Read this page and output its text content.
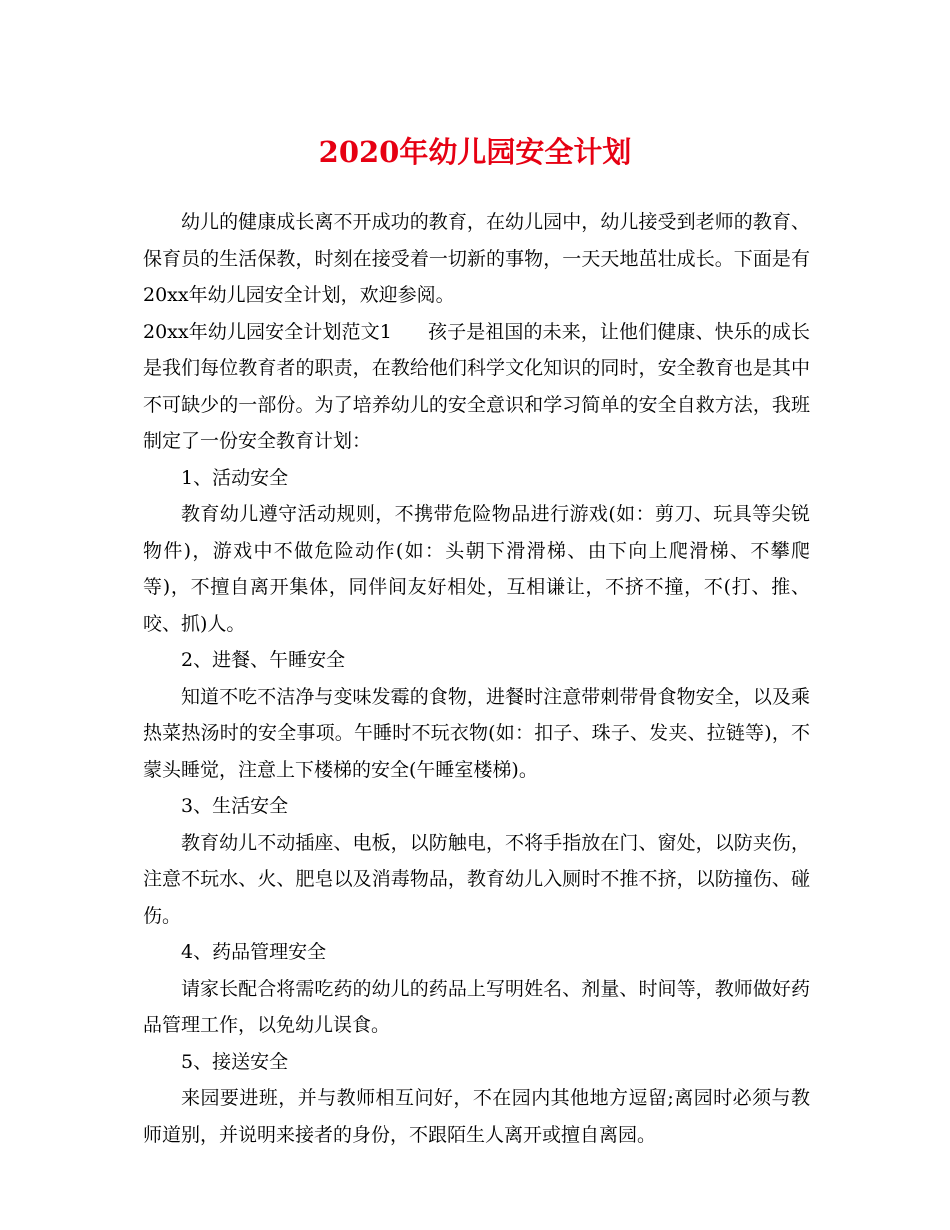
2020年幼儿园安全计划

幼儿的健康成长离不开成功的教育，在幼儿园中，幼儿接受到老师的教育、保育员的生活保教，时刻在接受着一切新的事物，一天天地茁壮成长。下面是有20xx年幼儿园安全计划，欢迎参阅。

20xx年幼儿园安全计划范文1 孩子是祖国的未来，让他们健康、快乐的成长是我们每位教育者的职责，在教给他们科学文化知识的同时，安全教育也是其中不可缺少的一部份。为了培养幼儿的安全意识和学习简单的安全自救方法，我班制定了一份安全教育计划：

1、活动安全

教育幼儿遵守活动规则，不携带危险物品进行游戏(如：剪刀、玩具等尖锐物件)，游戏中不做危险动作(如：头朝下滑滑梯、由下向上爬滑梯、不攀爬等)，不擅自离开集体，同伴间友好相处，互相谦让，不挤不撞，不(打、推、咬、抓)人。

2、进餐、午睡安全

知道不吃不洁净与变味发霉的食物，进餐时注意带刺带骨食物安全，以及乘热菜热汤时的安全事项。午睡时不玩衣物(如：扣子、珠子、发夹、拉链等)，不蒙头睡觉，注意上下楼梯的安全(午睡室楼梯)。

3、生活安全

教育幼儿不动插座、电板，以防触电，不将手指放在门、窗处，以防夹伤，注意不玩水、火、肥皂以及消毒物品，教育幼儿入厕时不推不挤，以防撞伤、碰伤。

4、药品管理安全

请家长配合将需吃药的幼儿的药品上写明姓名、剂量、时间等，教师做好药品管理工作，以免幼儿误食。

5、接送安全

来园要进班，并与教师相互问好，不在园内其他地方逗留;离园时必须与教师道别，并说明来接者的身份，不跟陌生人离开或擅自离园。
